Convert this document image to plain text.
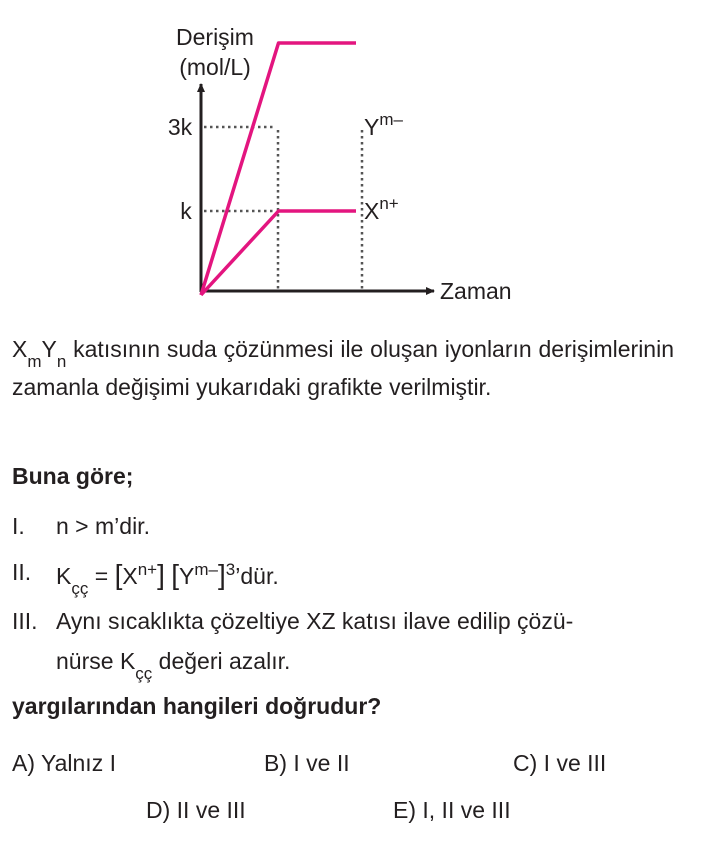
Derişim
(mol/L)
Zaman
k
3k	$Y^{m-}$
$X^{n+}$
$X_mY_n$ katısının suda çözünmesi ile oluşan iyonların derişimlerinin zamanla değişimi yukarıdaki grafikte verilmiştir.
Buna göre;
I. n > m’dir.
II. $K_{çç} = [X^{n+}]$ $[Y^{m-}]^3’dür$.
III. Aynı sıcaklıkta çözeltiye XZ katısı ilave edilip çözü-
nürse $K_{çç}$ değeri azalır.
yargılarından hangileri doğrudur?
A) Yalnız I	B) I ve II	C) I ve III
D) II ve III	E) I, II ve III
